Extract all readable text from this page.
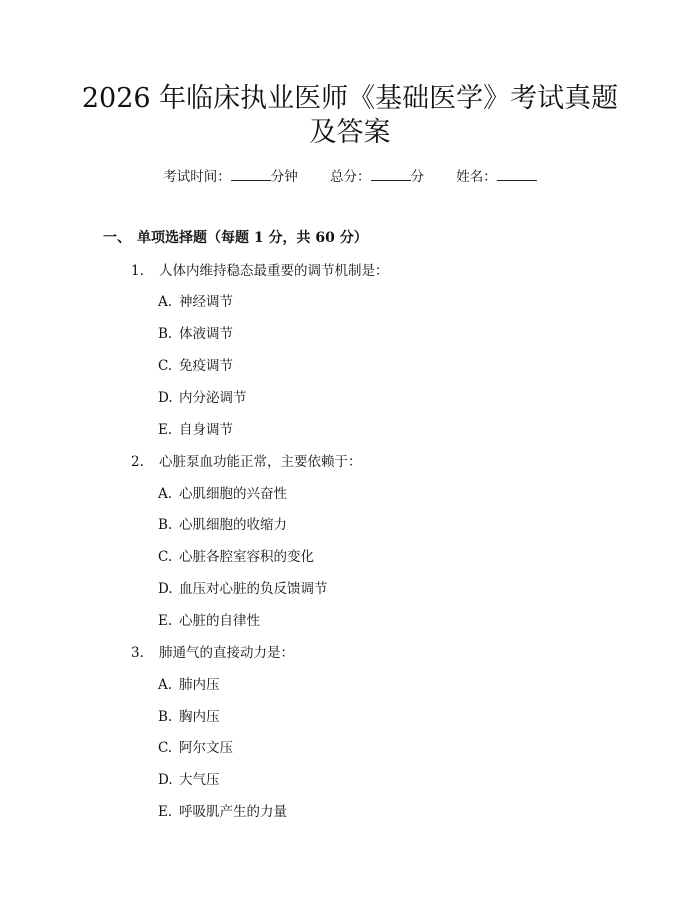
2026 年临床执业医师《基础医学》考试真题
及答案
考试时间：	分钟 总分：	分 姓名：
一、 单项选择题（每题 1 分，共 60 分）
1. 人体内维持稳态最重要的调节机制是：
A. 神经调节
B. 体液调节
C. 免疫调节
D. 内分泌调节
E. 自身调节
2. 心脏泵血功能正常，主要依赖于：
A. 心肌细胞的兴奋性
B. 心肌细胞的收缩力
C. 心脏各腔室容积的变化
D. 血压对心脏的负反馈调节
E. 心脏的自律性
3. 肺通气的直接动力是：
A. 肺内压
B. 胸内压
C. 阿尔文压
D. 大气压
E. 呼吸肌产生的力量
